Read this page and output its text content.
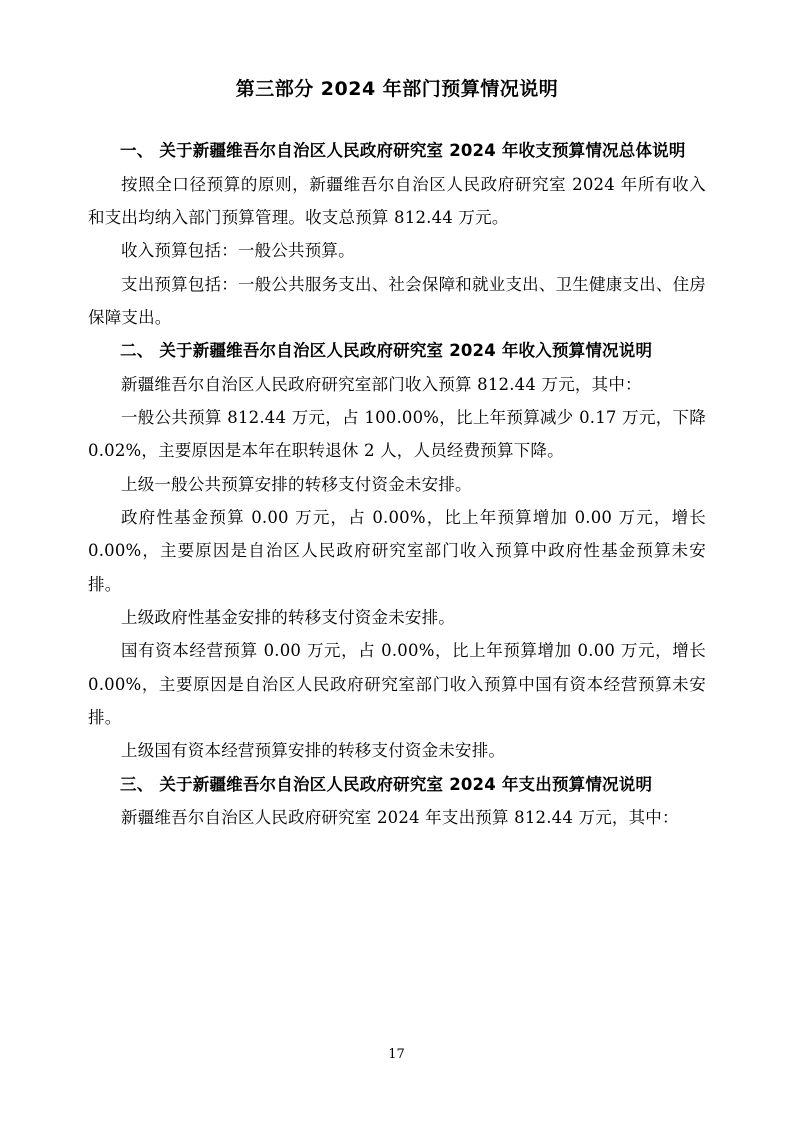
第三部分 2024 年部门预算情况说明

一、 关于新疆维吾尔自治区人民政府研究室 2024 年收支预算情况总体说明

按照全口径预算的原则，新疆维吾尔自治区人民政府研究室 2024 年所有收入和支出均纳入部门预算管理。收支总预算 812.44 万元。

收入预算包括：一般公共预算。

支出预算包括：一般公共服务支出、社会保障和就业支出、卫生健康支出、住房保障支出。

二、 关于新疆维吾尔自治区人民政府研究室 2024 年收入预算情况说明

新疆维吾尔自治区人民政府研究室部门收入预算 812.44 万元，其中：

一般公共预算 812.44 万元，占 100.00%，比上年预算减少 0.17 万元，下降 0.02%，主要原因是本年在职转退休 2 人，人员经费预算下降。

上级一般公共预算安排的转移支付资金未安排。

政府性基金预算 0.00 万元，占 0.00%，比上年预算增加 0.00 万元，增长 0.00%，主要原因是自治区人民政府研究室部门收入预算中政府性基金预算未安排。

上级政府性基金安排的转移支付资金未安排。

国有资本经营预算 0.00 万元，占 0.00%，比上年预算增加 0.00 万元，增长 0.00%，主要原因是自治区人民政府研究室部门收入预算中国有资本经营预算未安排。

上级国有资本经营预算安排的转移支付资金未安排。

三、 关于新疆维吾尔自治区人民政府研究室 2024 年支出预算情况说明

新疆维吾尔自治区人民政府研究室 2024 年支出预算 812.44 万元，其中：

17
